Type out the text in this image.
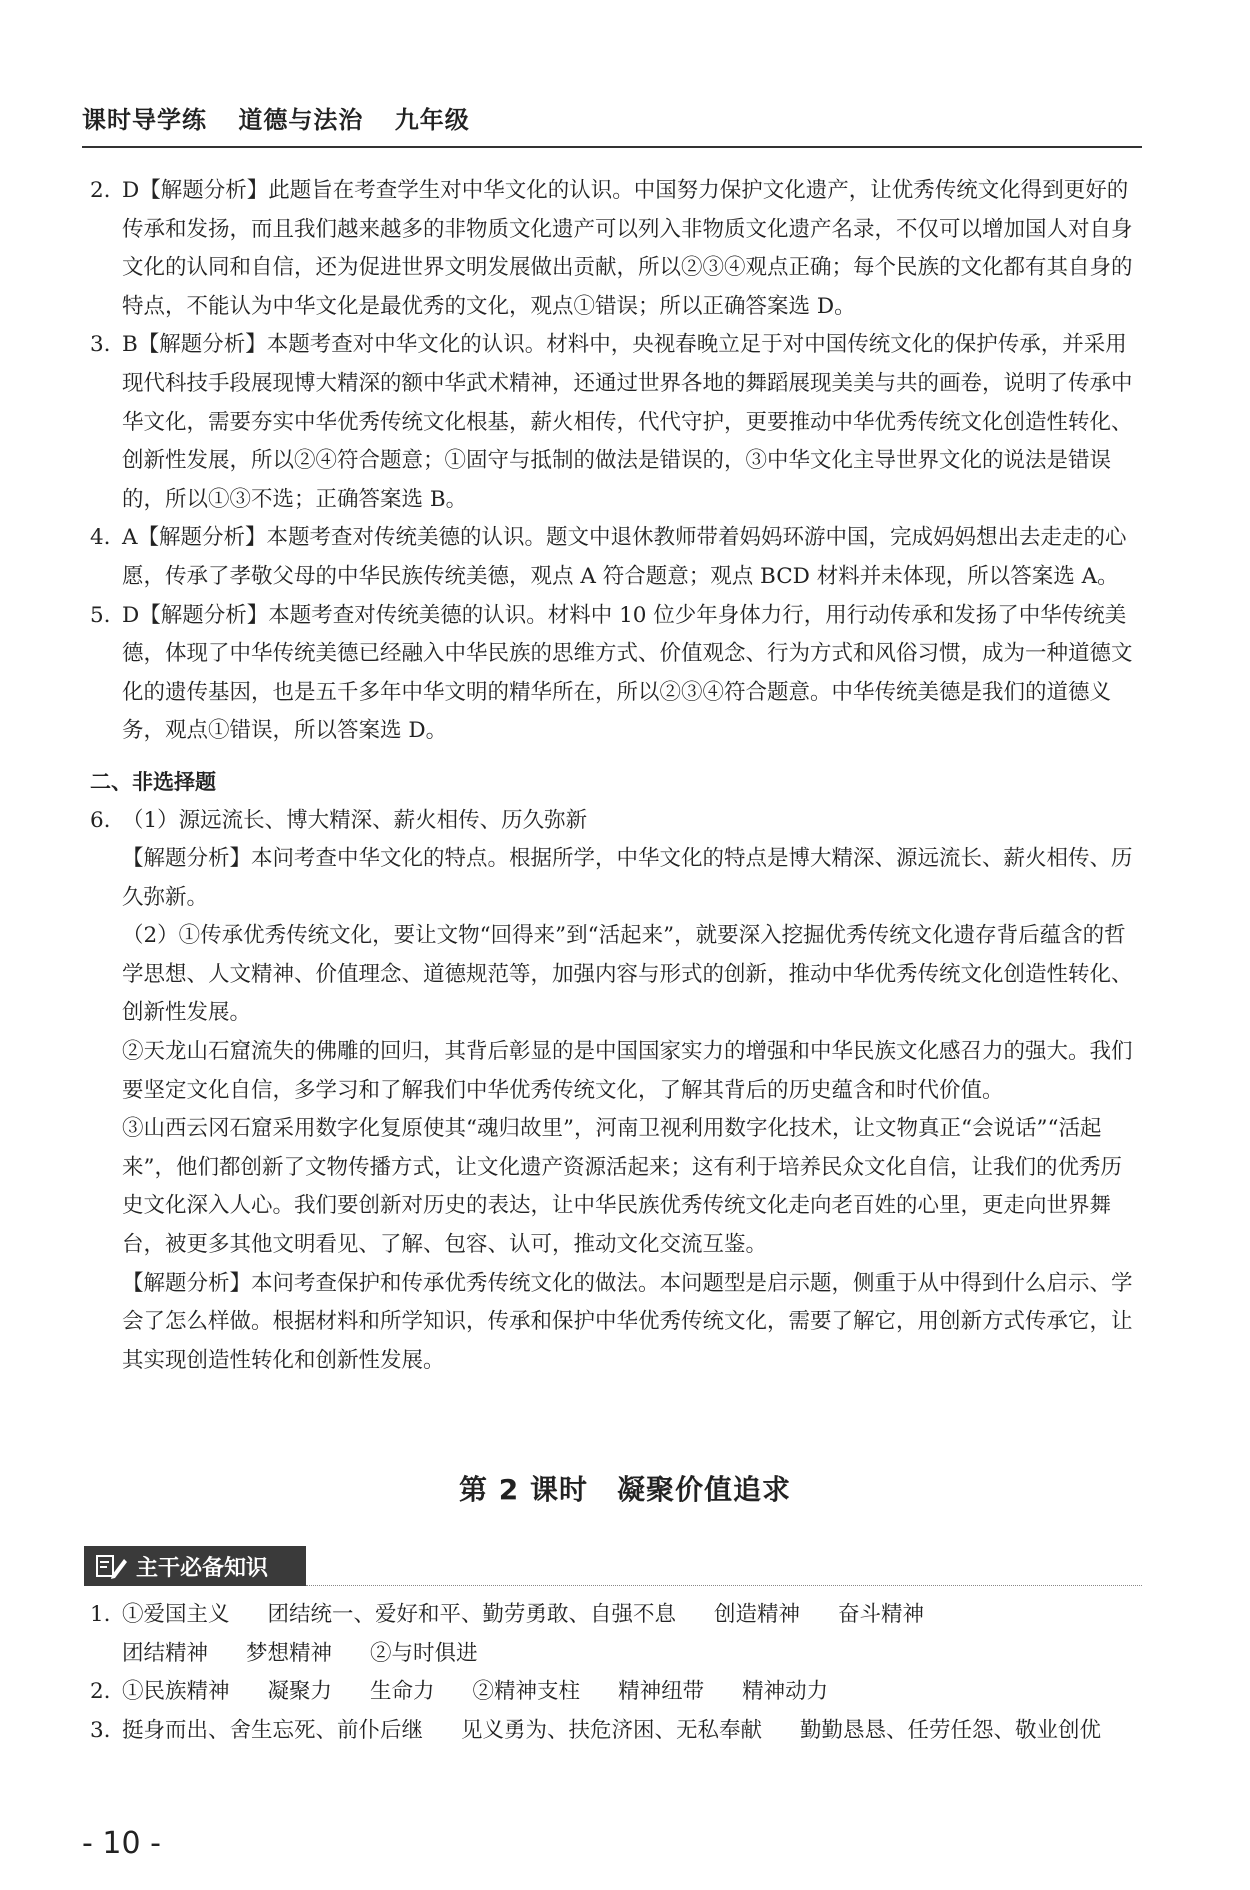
课时导学练 道德与法治 九年级
2. D【解题分析】此题旨在考查学生对中华文化的认识。中国努力保护文化遗产，让优秀传统文化得到更好的传承和发扬，而且我们越来越多的非物质文化遗产可以列入非物质文化遗产名录，不仅可以增加国人对自身文化的认同和自信，还为促进世界文明发展做出贡献，所以②③④观点正确；每个民族的文化都有其自身的特点，不能认为中华文化是最优秀的文化，观点①错误；所以正确答案选 D。
3. B【解题分析】本题考查对中华文化的认识。材料中，央视春晚立足于对中国传统文化的保护传承，并采用现代科技手段展现博大精深的额中华武术精神，还通过世界各地的舞蹈展现美美与共的画卷，说明了传承中华文化，需要夯实中华优秀传统文化根基，薪火相传，代代守护，更要推动中华优秀传统文化创造性转化、创新性发展，所以②④符合题意；①固守与抵制的做法是错误的，③中华文化主导世界文化的说法是错误的，所以①③不选；正确答案选 B。
4. A【解题分析】本题考查对传统美德的认识。题文中退休教师带着妈妈环游中国，完成妈妈想出去走走的心愿，传承了孝敬父母的中华民族传统美德，观点 A 符合题意；观点 BCD 材料并未体现，所以答案选 A。
5. D【解题分析】本题考查对传统美德的认识。材料中 10 位少年身体力行，用行动传承和发扬了中华传统美德，体现了中华传统美德已经融入中华民族的思维方式、价值观念、行为方式和风俗习惯，成为一种道德文化的遗传基因，也是五千多年中华文明的精华所在，所以②③④符合题意。中华传统美德是我们的道德义务，观点①错误，所以答案选 D。
二、非选择题
6. （1）源远流长、博大精深、薪火相传、历久弥新
【解题分析】本问考查中华文化的特点。根据所学，中华文化的特点是博大精深、源远流长、薪火相传、历久弥新。
（2）①传承优秀传统文化，要让文物“回得来”到“活起来”，就要深入挖掘优秀传统文化遗存背后蕴含的哲学思想、人文精神、价值理念、道德规范等，加强内容与形式的创新，推动中华优秀传统文化创造性转化、创新性发展。
②天龙山石窟流失的佛雕的回归，其背后彰显的是中国国家实力的增强和中华民族文化感召力的强大。我们要坚定文化自信，多学习和了解我们中华优秀传统文化，了解其背后的历史蕴含和时代价值。
③山西云冈石窟采用数字化复原使其“魂归故里”，河南卫视利用数字化技术，让文物真正“会说话”“活起来”，他们都创新了文物传播方式，让文化遗产资源活起来；这有利于培养民众文化自信，让我们的优秀历史文化深入人心。我们要创新对历史的表达，让中华民族优秀传统文化走向老百姓的心里，更走向世界舞台，被更多其他文明看见、了解、包容、认可，推动文化交流互鉴。
【解题分析】本问考查保护和传承优秀传统文化的做法。本问题型是启示题，侧重于从中得到什么启示、学会了怎么样做。根据材料和所学知识，传承和保护中华优秀传统文化，需要了解它，用创新方式传承它，让其实现创造性转化和创新性发展。
第 2 课时　凝聚价值追求
主干必备知识
1. ①爱国主义 团结统一、爱好和平、勤劳勇敢、自强不息 创造精神 奋斗精神
团结精神 梦想精神 ②与时俱进
2. ①民族精神 凝聚力 生命力 ②精神支柱 精神纽带 精神动力
3. 挺身而出、舍生忘死、前仆后继 见义勇为、扶危济困、无私奉献 勤勤恳恳、任劳任怨、敬业创优
- 10 -
